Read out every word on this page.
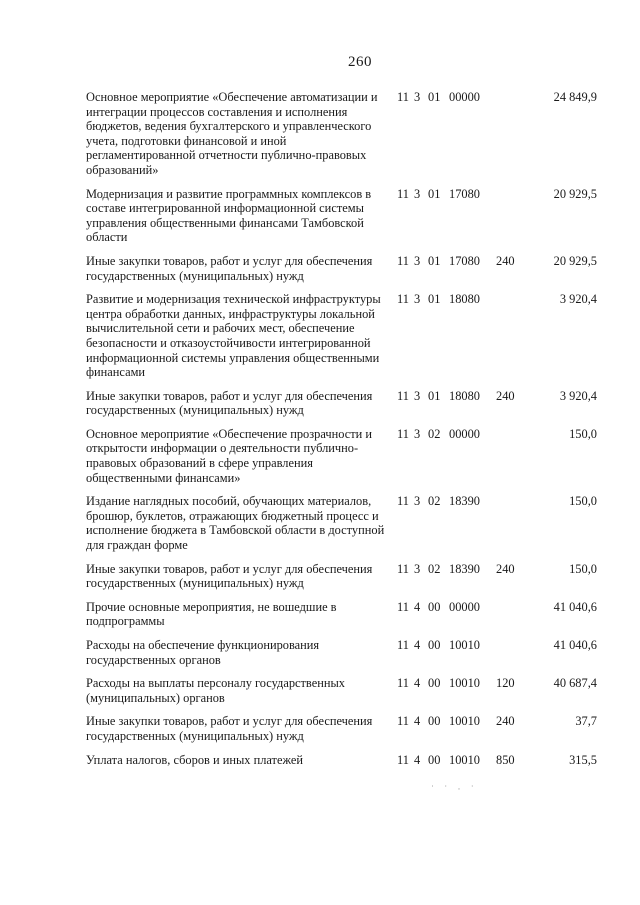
260
Основное мероприятие «Обеспечение автоматизации и интеграции процессов составления и исполнения бюджетов, ведения бухгалтерского и управленческого учета, подготовки финансовой и иной регламентированной отчетности публично-правовых образований»
11 3 01 00000	24 849,9
Модернизация и развитие программных комплексов в составе интегрированной информационной системы управления общественными финансами Тамбовской области
11 3 01 17080	20 929,5
Иные закупки товаров, работ и услуг для обеспечения государственных (муниципальных) нужд
11 3 01 17080 240	20 929,5
Развитие и модернизация технической инфраструктуры центра обработки данных, инфраструктуры локальной вычислительной сети и рабочих мест, обеспечение безопасности и отказоустойчивости интегрированной информационной системы управления общественными финансами
11 3 01 18080	3 920,4
Иные закупки товаров, работ и услуг для обеспечения государственных (муниципальных) нужд
11 3 01 18080 240	3 920,4
Основное мероприятие «Обеспечение прозрачности и открытости информации о деятельности публично-правовых образований в сфере управления общественными финансами»
11 3 02 00000	150,0
Издание наглядных пособий, обучающих материалов, брошюр, буклетов, отражающих бюджетный процесс и исполнение бюджета в Тамбовской области в доступной для граждан форме
11 3 02 18390	150,0
Иные закупки товаров, работ и услуг для обеспечения государственных (муниципальных) нужд
11 3 02 18390 240	150,0
Прочие основные мероприятия, не вошедшие в подпрограммы
11 4 00 00000	41 040,6
Расходы на обеспечение функционирования государственных органов
11 4 00 10010	41 040,6
Расходы на выплаты персоналу государственных (муниципальных) органов
11 4 00 10010 120	40 687,4
Иные закупки товаров, работ и услуг для обеспечения государственных (муниципальных) нужд
11 4 00 10010 240	37,7
Уплата налогов, сборов и иных платежей	11 4 00 10010 850	315,5
˙ ˙ · ˙
